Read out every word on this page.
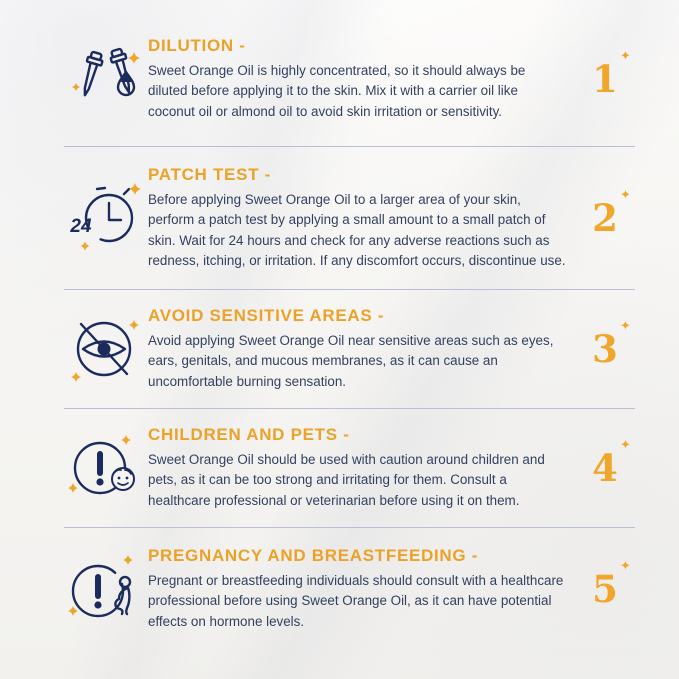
DILUTION -

Sweet Orange Oil is highly concentrated, so it should always be diluted before applying it to the skin. Mix it with a carrier oil like coconut oil or almond oil to avoid skin irritation or sensitivity.

1
✦
24
PATCH TEST -

Before applying Sweet Orange Oil to a larger area of your skin, perform a patch test by applying a small amount to a small patch of skin. Wait for 24 hours and check for any adverse reactions such as redness, itching, or irritation. If any discomfort occurs, discontinue use.

2
✦
AVOID SENSITIVE AREAS -

Avoid applying Sweet Orange Oil near sensitive areas such as eyes, ears, genitals, and mucous membranes, as it can cause an uncomfortable burning sensation.

3
✦
CHILDREN AND PETS -

Sweet Orange Oil should be used with caution around children and pets, as it can be too strong and irritating for them. Consult a healthcare professional or veterinarian before using it on them.

4
✦
PREGNANCY AND BREASTFEEDING -

Pregnant or breastfeeding individuals should consult with a healthcare professional before using Sweet Orange Oil, as it can have potential effects on hormone levels.

5
✦
